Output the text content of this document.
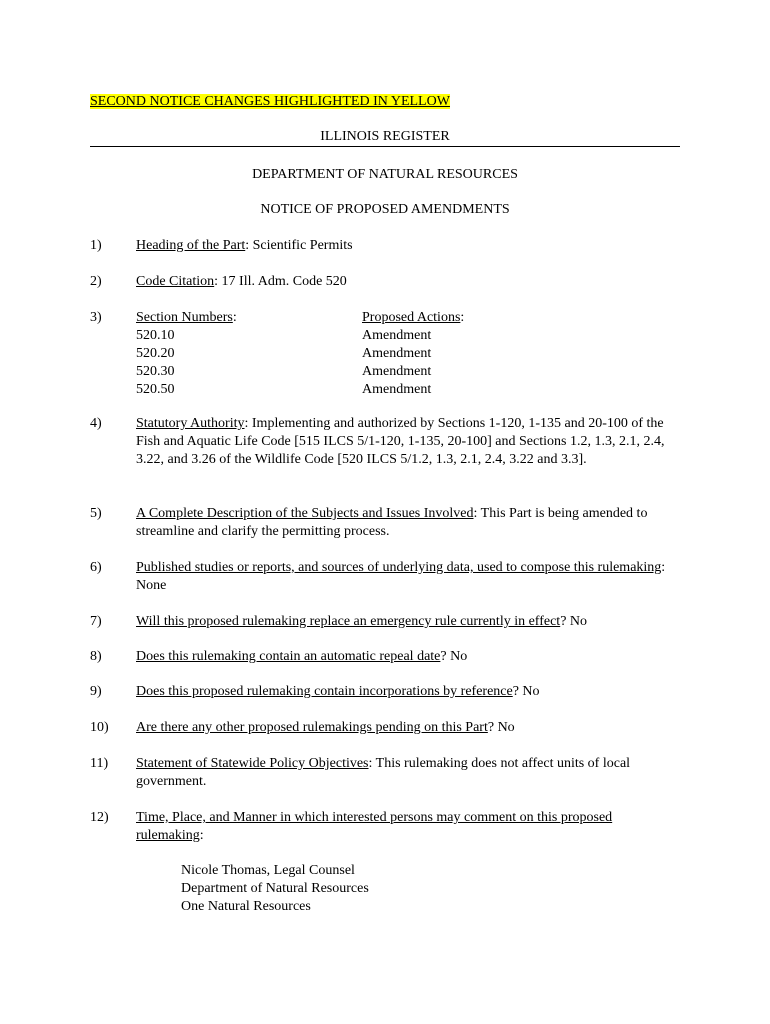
SECOND NOTICE CHANGES HIGHLIGHTED IN YELLOW
ILLINOIS REGISTER
DEPARTMENT OF NATURAL RESOURCES
NOTICE OF PROPOSED AMENDMENTS
1) Heading of the Part: Scientific Permits
2) Code Citation: 17 Ill. Adm. Code 520
3) Section Numbers:
520.10
520.20
520.30
520.50
Proposed Actions:
Amendment
Amendment
Amendment
Amendment
4) Statutory Authority: Implementing and authorized by Sections 1-120, 1-135 and 20-100 of the Fish and Aquatic Life Code [515 ILCS 5/1-120, 1-135, 20-100] and Sections 1.2, 1.3, 2.1, 2.4, 3.22, and 3.26 of the Wildlife Code [520 ILCS 5/1.2, 1.3, 2.1, 2.4, 3.22 and 3.3].
5) A Complete Description of the Subjects and Issues Involved: This Part is being amended to streamline and clarify the permitting process.
6) Published studies or reports, and sources of underlying data, used to compose this rulemaking: None
7) Will this proposed rulemaking replace an emergency rule currently in effect? No
8) Does this rulemaking contain an automatic repeal date? No
9) Does this proposed rulemaking contain incorporations by reference? No
10) Are there any other proposed rulemakings pending on this Part? No
11) Statement of Statewide Policy Objectives: This rulemaking does not affect units of local government.
12) Time, Place, and Manner in which interested persons may comment on this proposed rulemaking:
Nicole Thomas, Legal Counsel
Department of Natural Resources
One Natural Resources
